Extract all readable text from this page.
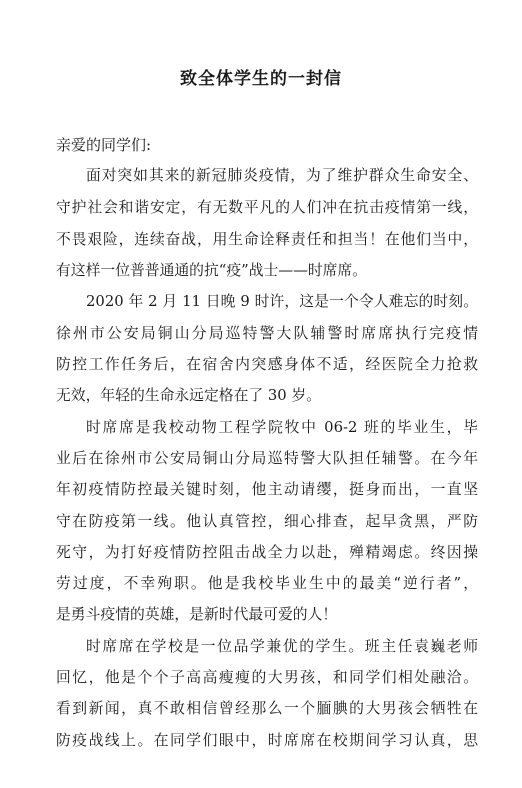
致全体学生的一封信
亲爱的同学们:
面对突如其来的新冠肺炎疫情，为了维护群众生命安全、
守护社会和谐安定，有无数平凡的人们冲在抗击疫情第一线，
不畏艰险，连续奋战，用生命诠释责任和担当！在他们当中，
有这样一位普普通通的抗“疫”战士——时席席。
2020 年 2 月 11 日晚 9 时许，这是一个令人难忘的时刻。
徐州市公安局铜山分局巡特警大队辅警时席席执行完疫情
防控工作任务后，在宿舍内突感身体不适，经医院全力抢救
无效，年轻的生命永远定格在了 30 岁。
时席席是我校动物工程学院牧中 06-2 班的毕业生，毕
业后在徐州市公安局铜山分局巡特警大队担任辅警。在今年
年初疫情防控最关键时刻，他主动请缨，挺身而出，一直坚
守在防疫第一线。他认真管控，细心排查，起早贪黑，严防
死守，为打好疫情防控阻击战全力以赴，殚精竭虑。终因操
劳过度，不幸殉职。他是我校毕业生中的最美“逆行者”，
是勇斗疫情的英雄，是新时代最可爱的人！
时席席在学校是一位品学兼优的学生。班主任袁巍老师
回忆，他是个个子高高瘦瘦的大男孩，和同学们相处融洽。
看到新闻，真不敢相信曾经那么一个腼腆的大男孩会牺牲在
防疫战线上。在同学们眼中，时席席在校期间学习认真，思
